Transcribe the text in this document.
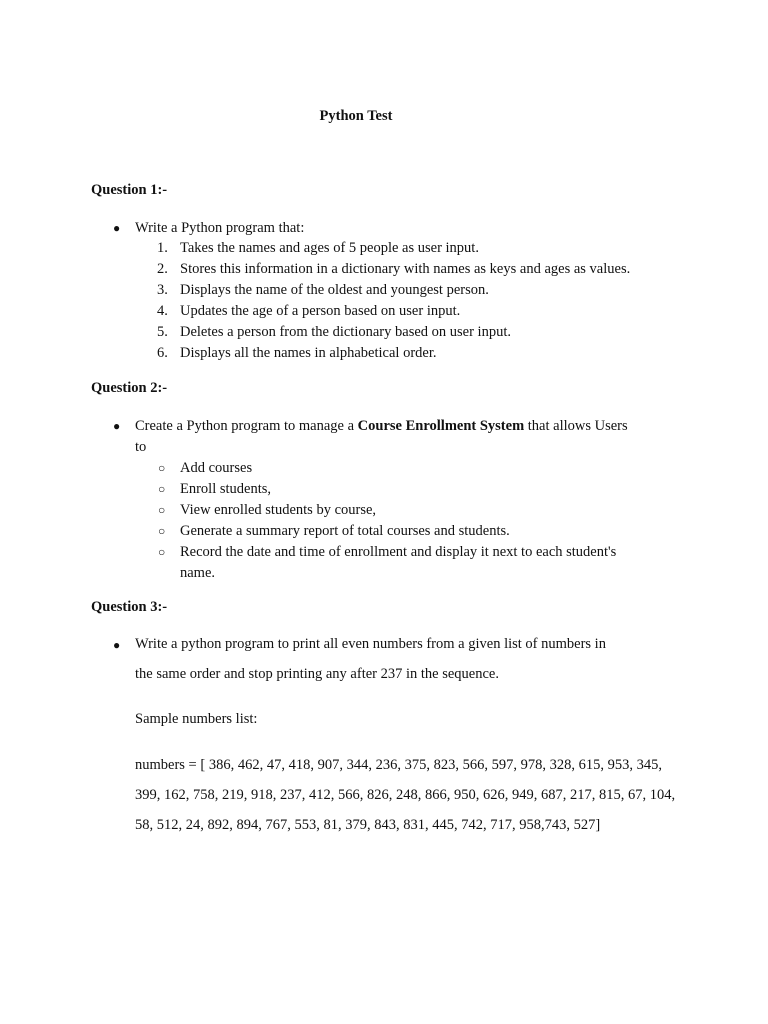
Python Test
Question 1:-
● Write a Python program that:
1. Takes the names and ages of 5 people as user input.
2. Stores this information in a dictionary with names as keys and ages as values.
3. Displays the name of the oldest and youngest person.
4. Updates the age of a person based on user input.
5. Deletes a person from the dictionary based on user input.
6. Displays all the names in alphabetical order.
Question 2:-
● Create a Python program to manage a Course Enrollment System that allows Users
to
○ Add courses
○ Enroll students,
○ View enrolled students by course,
○ Generate a summary report of total courses and students.
○ Record the date and time of enrollment and display it next to each student's
name.
Question 3:-
● Write a python program to print all even numbers from a given list of numbers in
the same order and stop printing any after 237 in the sequence.
Sample numbers list:
numbers = [ 386, 462, 47, 418, 907, 344, 236, 375, 823, 566, 597, 978, 328, 615, 953, 345,
399, 162, 758, 219, 918, 237, 412, 566, 826, 248, 866, 950, 626, 949, 687, 217, 815, 67, 104,
58, 512, 24, 892, 894, 767, 553, 81, 379, 843, 831, 445, 742, 717, 958,743, 527]
